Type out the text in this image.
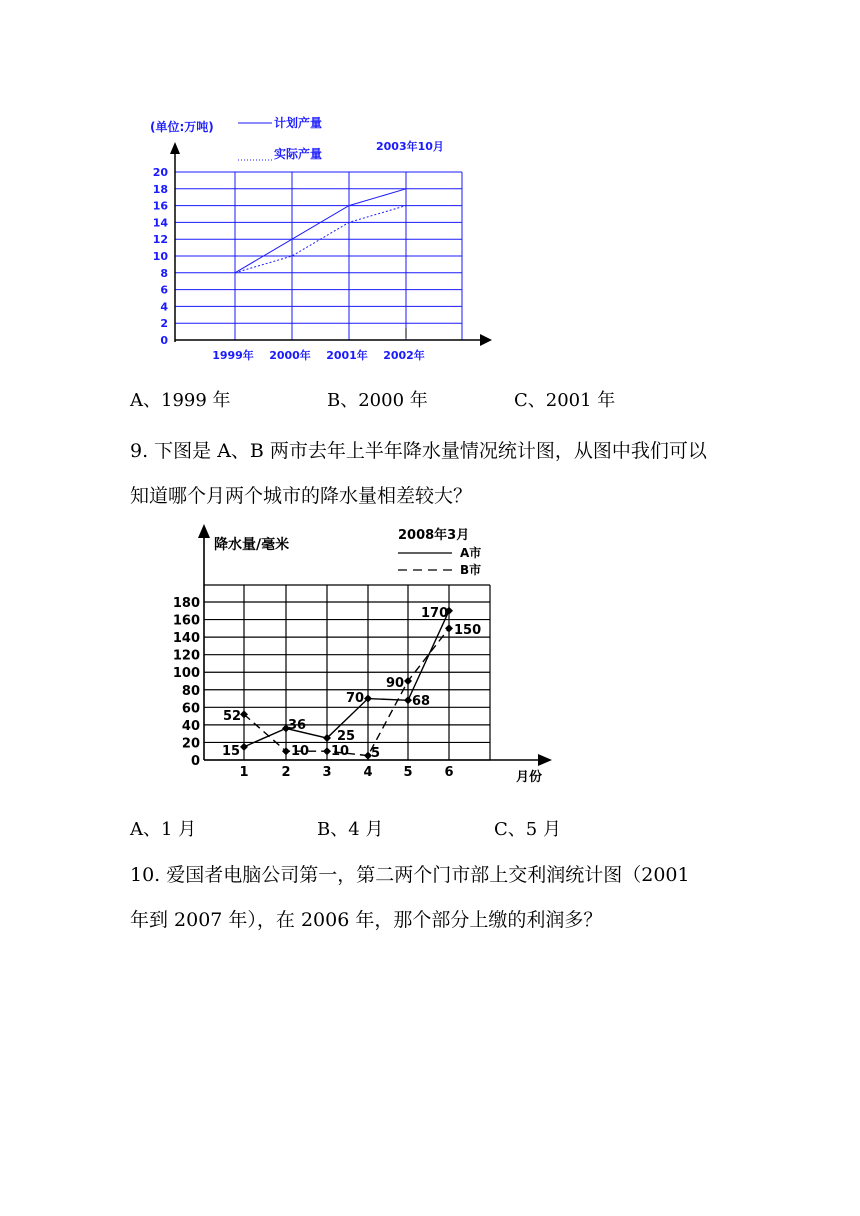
0
2
4
6
8
10
12
14
16
18
20
1999年 2000年 2001年 2002年
(单位:万吨)	计划产量
实际产量
2003年10月
A、1999 年	B、2000 年	C、2001 年
9. 下图是 A、B 两市去年上半年降水量情况统计图，从图中我们可以
知道哪个月两个城市的降水量相差较大？
0
20
40
60
80
100
120
140
160
180
1	2 3 4 5 6
52
36
15	10 10
25
5
70
90
68
170
150
降水量/毫米
月份
2008年3月
A市
B市
A、1 月	B、4 月	C、5 月
10. 爱国者电脑公司第一，第二两个门市部上交利润统计图（2001
年到 2007 年），在 2006 年，那个部分上缴的利润多？
